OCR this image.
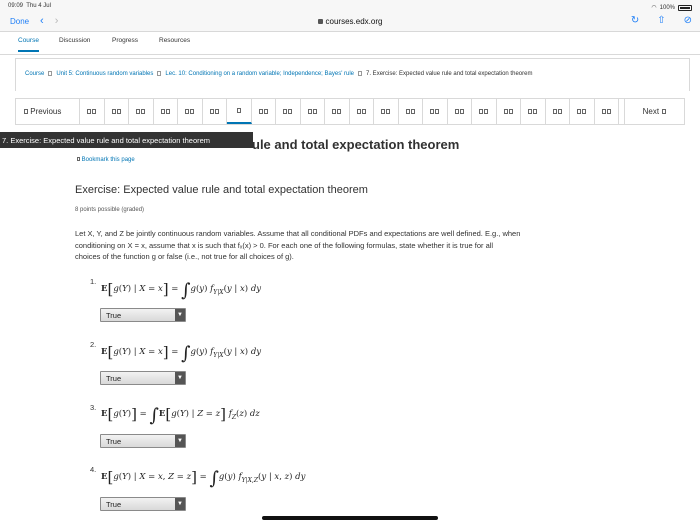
09:09 Thu 4 Jul	◠ 100%
Done ‹ ›	courses.edx.org	↻ ⇧ ⊘
Course	Discussion	Progress	Resources
Course Unit 5: Continuous random variables Lec. 10: Conditioning on a random variable; Independence; Bayes' rule 7. Exercise: Expected value rule and total expectation theorem

Previous	Next

7. Exercise: Expected value rule and total expectation theorem	ule and total expectation theorem
Bookmark this page
Exercise: Expected value rule and total expectation theorem
8 points possible (graded)
Let X, Y, and Z be jointly continuous random variables. Assume that all conditional PDFs and expectations are well defined. E.g., when
conditioning on X = x, assume that x is such that fₓ(x) > 0. For each one of the following formulas, state whether it is true for all
choices of the function g or false (i.e., not true for all choices of g).
1.
E[g(Y) | X = x] = ∫g(y) $f_{Y|X}(y$ | x) dy
True	▼
2.
E[g(Y) | X = x] = ∫g(y) $f_{Y|X}(y$ | x) dy
True	▼
3.
E[g(Y)] = ∫E[g(Y) | Z = z] $f_Z(z)$ dz
True	▼
4.
E[g(Y) | X = x, Z = z] = ∫g(y) $f_{Y|X,Z}(y$ | x, z) dy
True	▼
